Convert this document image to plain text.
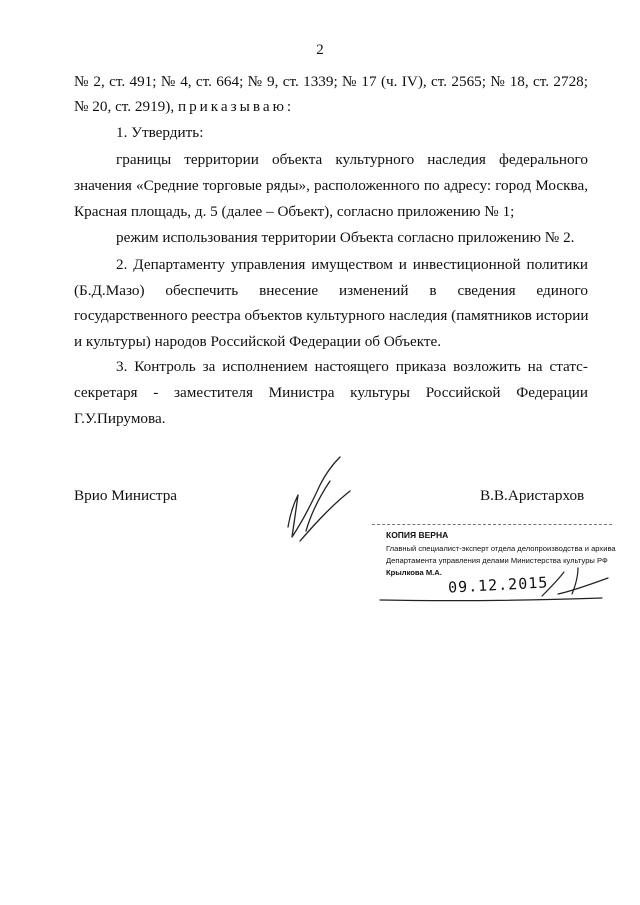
2
№ 2, ст. 491; № 4, ст. 664; № 9, ст. 1339; № 17 (ч. IV), ст. 2565; № 18, ст. 2728;
№ 20, ст. 2919), приказываю:
1. Утвердить:
границы территории объекта культурного наследия федерального
значения «Средние торговые ряды», расположенного по адресу: город Москва,
Красная площадь, д. 5 (далее – Объект), согласно приложению № 1;
режим использования территории Объекта согласно приложению № 2.
2. Департаменту управления имуществом и инвестиционной политики
(Б.Д.Мазо) обеспечить внесение изменений в сведения единого
государственного реестра объектов культурного наследия (памятников истории
и культуры) народов Российской Федерации об Объекте.
3. Контроль за исполнением настоящего приказа возложить на статс-
секретаря - заместителя Министра культуры Российской Федерации
Г.У.Пирумова.
Врио Министра	В.В.Аристархов
КОПИЯ ВЕРНА
Главный специалист-эксперт отдела делопроизводства и архива
Департамента управления делами Министерства культуры РФ
Крылкова М.А.
09.12.2015
